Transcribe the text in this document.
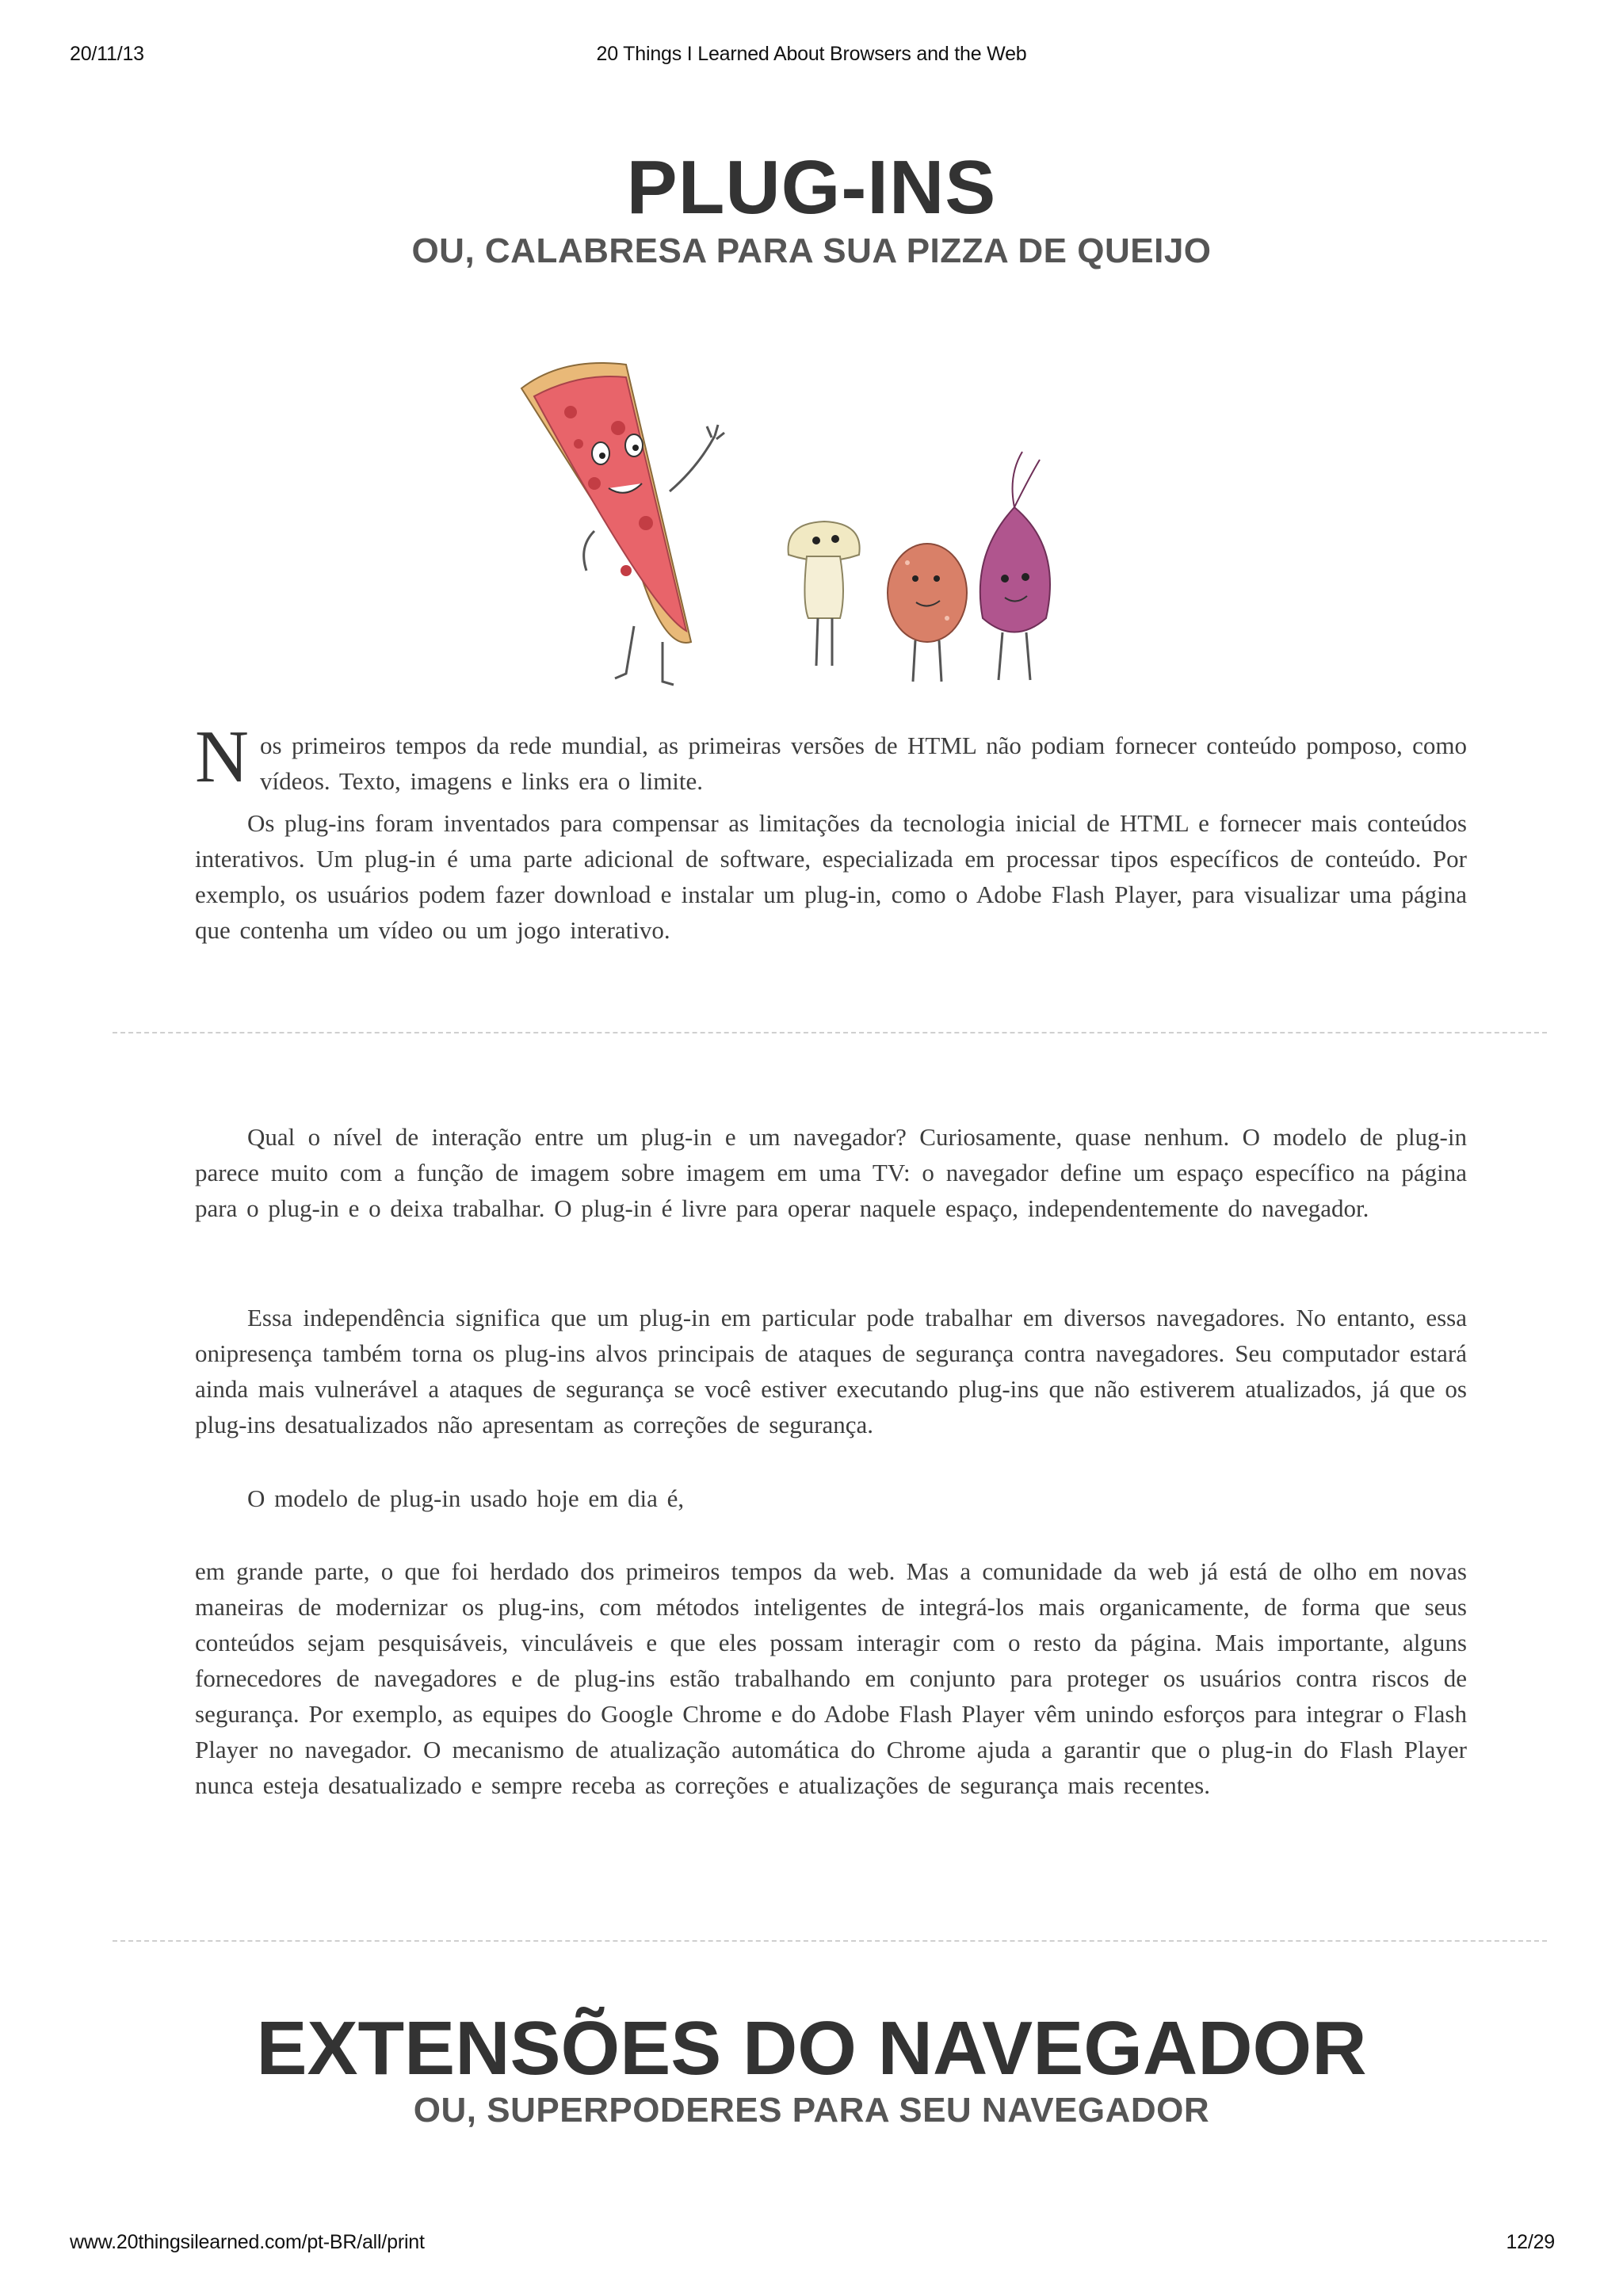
20/11/13	20 Things I Learned About Browsers and the Web
PLUG-INS
OU, CALABRESA PARA SUA PIZZA DE QUEIJO
N os primeiros tempos da rede mundial, as primeiras versões de HTML não podiam fornecer conteúdo pomposo, como vídeos. Texto, imagens e links era o limite.

Os plug-ins foram inventados para compensar as limitações da tecnologia inicial de HTML e fornecer mais conteúdos interativos. Um plug-in é uma parte adicional de software, especializada em processar tipos específicos de conteúdo. Por exemplo, os usuários podem fazer download e instalar um plug-in, como o Adobe Flash Player, para visualizar uma página que contenha um vídeo ou um jogo interativo.

Qual o nível de interação entre um plug-in e um navegador? Curiosamente, quase nenhum. O modelo de plug-in parece muito com a função de imagem sobre imagem em uma TV: o navegador define um espaço específico na página para o plug-in e o deixa trabalhar. O plug-in é livre para operar naquele espaço, independentemente do navegador.

Essa independência significa que um plug-in em particular pode trabalhar em diversos navegadores. No entanto, essa onipresença também torna os plug-ins alvos principais de ataques de segurança contra navegadores. Seu computador estará ainda mais vulnerável a ataques de segurança se você estiver executando plug-ins que não estiverem atualizados, já que os plug-ins desatualizados não apresentam as correções de segurança.

O modelo de plug-in usado hoje em dia é,

em grande parte, o que foi herdado dos primeiros tempos da web. Mas a comunidade da web já está de olho em novas maneiras de modernizar os plug-ins, com métodos inteligentes de integrá-los mais organicamente, de forma que seus conteúdos sejam pesquisáveis, vinculáveis e que eles possam interagir com o resto da página. Mais importante, alguns fornecedores de navegadores e de plug-ins estão trabalhando em conjunto para proteger os usuários contra riscos de segurança. Por exemplo, as equipes do Google Chrome e do Adobe Flash Player vêm unindo esforços para integrar o Flash Player no navegador. O mecanismo de atualização automática do Chrome ajuda a garantir que o plug-in do Flash Player nunca esteja desatualizado e sempre receba as correções e atualizações de segurança mais recentes.

EXTENSÕES DO NAVEGADOR
OU, SUPERPODERES PARA SEU NAVEGADOR
www.20thingsilearned.com/pt-BR/all/print	12/29
